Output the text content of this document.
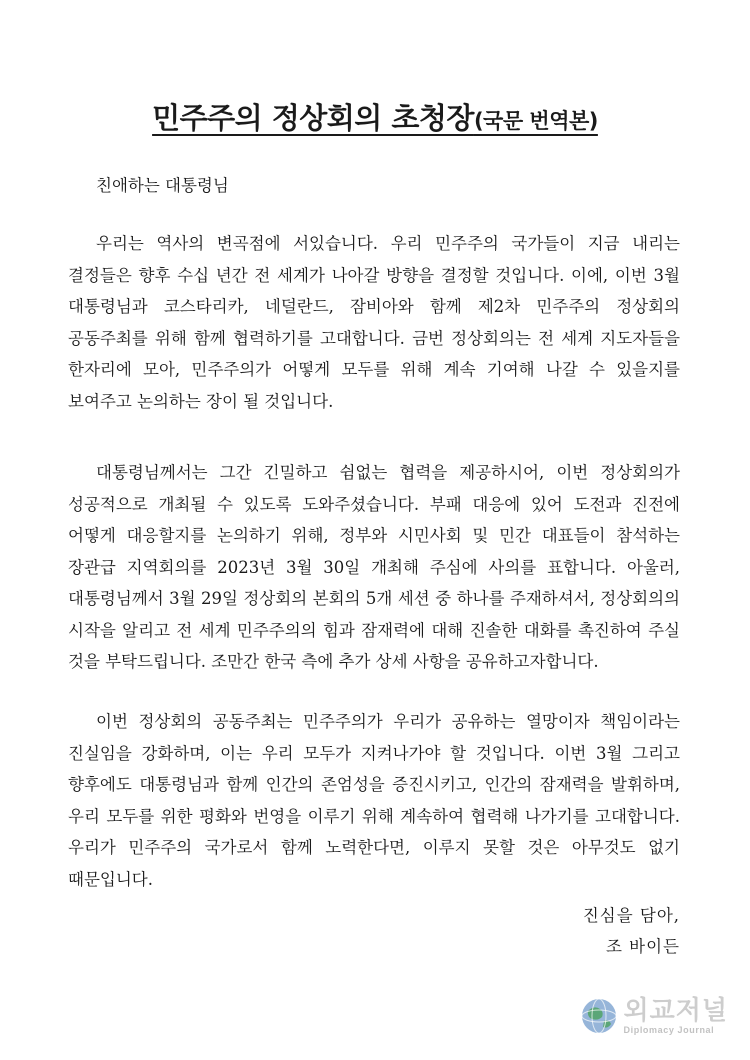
민주주의 정상회의 초청장(국문 번역본)
친애하는 대통령님

우리는 역사의 변곡점에 서있습니다. 우리 민주주의 국가들이 지금 내리는 결정들은 향후 수십 년간 전 세계가 나아갈 방향을 결정할 것입니다. 이에, 이번 3월 대통령님과 코스타리카, 네덜란드, 잠비아와 함께 제2차 민주주의 정상회의 공동주최를 위해 함께 협력하기를 고대합니다. 금번 정상회의는 전 세계 지도자들을 한자리에 모아, 민주주의가 어떻게 모두를 위해 계속 기여해 나갈 수 있을지를 보여주고 논의하는 장이 될 것입니다.

대통령님께서는 그간 긴밀하고 쉼없는 협력을 제공하시어, 이번 정상회의가 성공적으로 개최될 수 있도록 도와주셨습니다. 부패 대응에 있어 도전과 진전에 어떻게 대응할지를 논의하기 위해, 정부와 시민사회 및 민간 대표들이 참석하는 장관급 지역회의를 2023년 3월 30일 개최해 주심에 사의를 표합니다. 아울러, 대통령님께서 3월 29일 정상회의 본회의 5개 세션 중 하나를 주재하셔서, 정상회의의 시작을 알리고 전 세계 민주주의의 힘과 잠재력에 대해 진솔한 대화를 촉진하여 주실 것을 부탁드립니다. 조만간 한국 측에 추가 상세 사항을 공유하고자합니다.

이번 정상회의 공동주최는 민주주의가 우리가 공유하는 열망이자 책임이라는 진실임을 강화하며, 이는 우리 모두가 지켜나가야 할 것입니다. 이번 3월 그리고 향후에도 대통령님과 함께 인간의 존엄성을 증진시키고, 인간의 잠재력을 발휘하며, 우리 모두를 위한 평화와 번영을 이루기 위해 계속하여 협력해 나가기를 고대합니다. 우리가 민주주의 국가로서 함께 노력한다면, 이루지 못할 것은 아무것도 없기 때문입니다.

진심을 담아,
조 바이든
외교저널
Diplomacy Journal
